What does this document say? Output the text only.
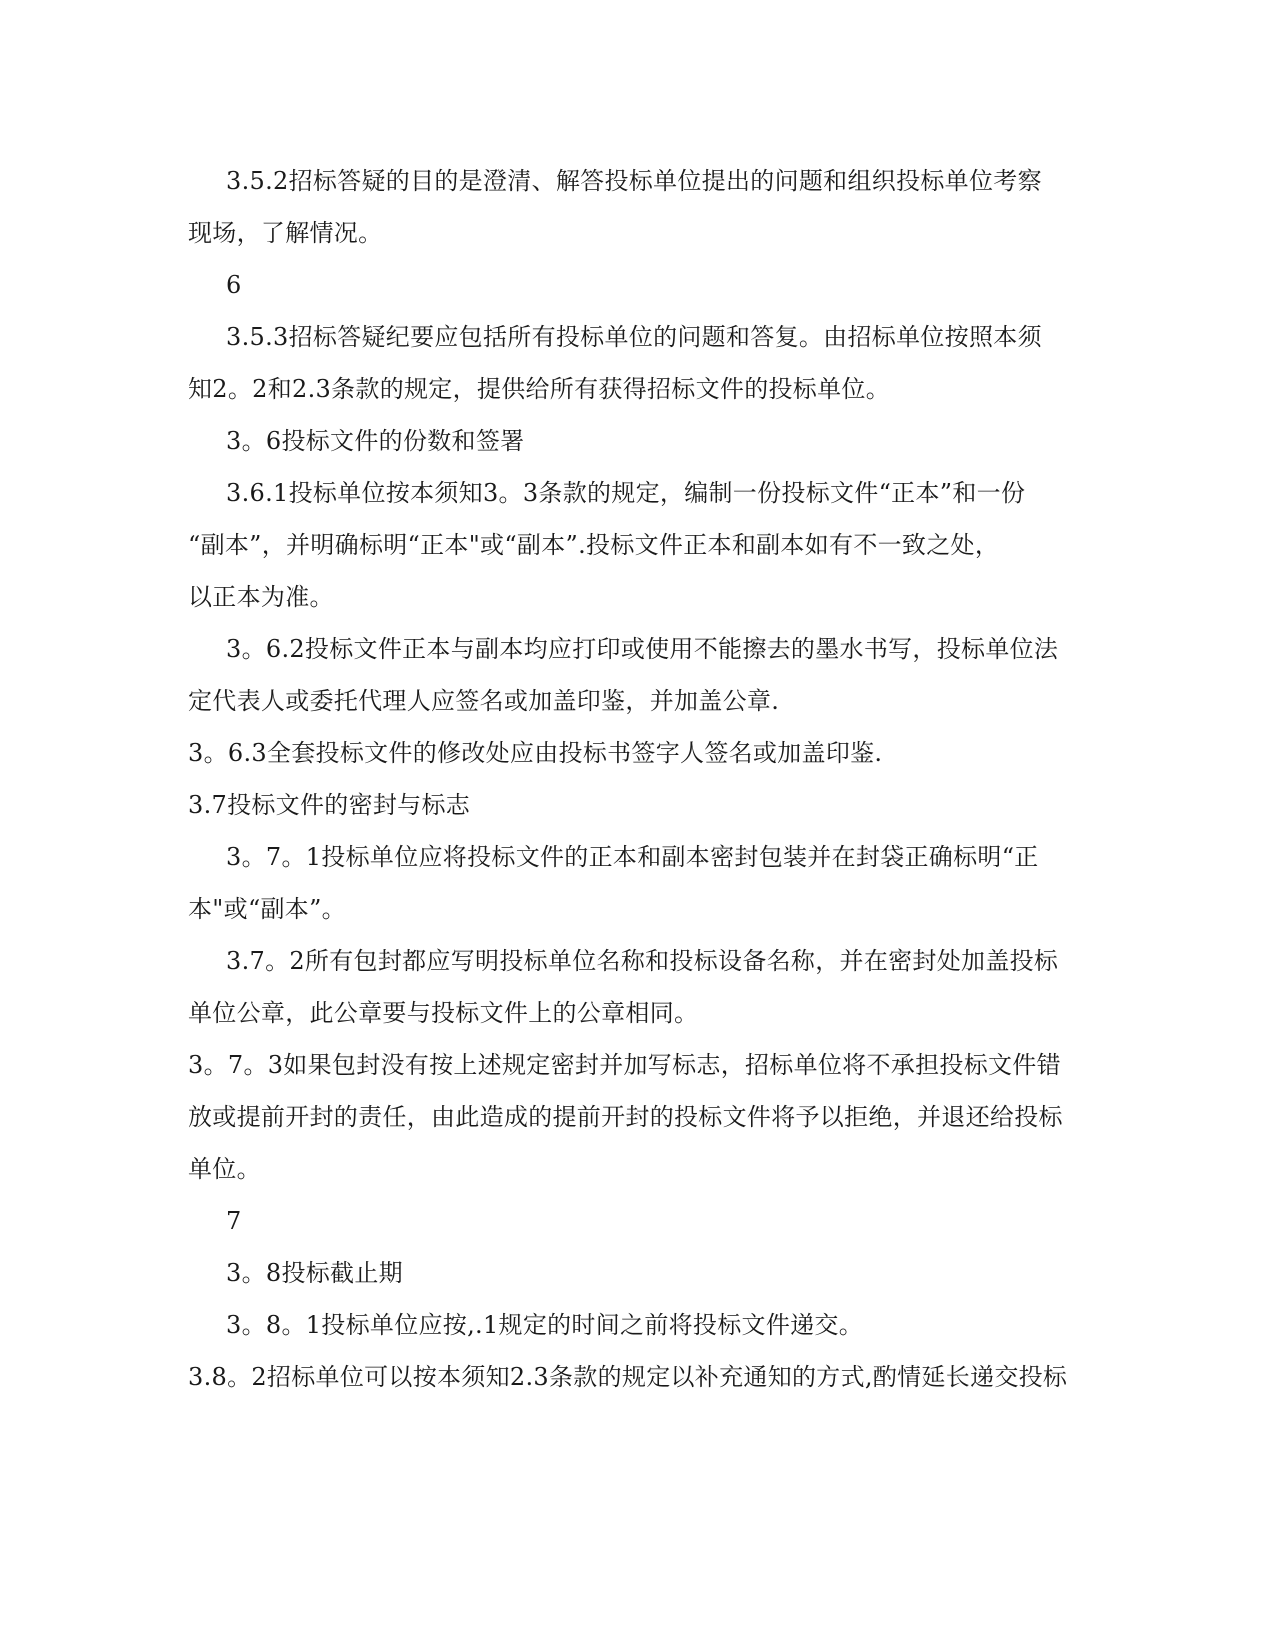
3.5.2招标答疑的目的是澄清、解答投标单位提出的问题和组织投标单位考察
现场，了解情况。
6
3.5.3招标答疑纪要应包括所有投标单位的问题和答复。由招标单位按照本须
知2。2和2.3条款的规定，提供给所有获得招标文件的投标单位。
3。6投标文件的份数和签署
3.6.1投标单位按本须知3。3条款的规定，编制一份投标文件“正本”和一份
“副本”，并明确标明“正本"或“副本”.投标文件正本和副本如有不一致之处，
以正本为准。
3。6.2投标文件正本与副本均应打印或使用不能擦去的墨水书写，投标单位法
定代表人或委托代理人应签名或加盖印鉴，并加盖公章.
3。6.3全套投标文件的修改处应由投标书签字人签名或加盖印鉴.
3.7投标文件的密封与标志
3。7。1投标单位应将投标文件的正本和副本密封包装并在封袋正确标明“正
本"或“副本”。
3.7。2所有包封都应写明投标单位名称和投标设备名称，并在密封处加盖投标
单位公章，此公章要与投标文件上的公章相同。
3。7。3如果包封没有按上述规定密封并加写标志，招标单位将不承担投标文件错
放或提前开封的责任，由此造成的提前开封的投标文件将予以拒绝，并退还给投标
单位。
7
3。8投标截止期
3。8。1投标单位应按,.1规定的时间之前将投标文件递交。
3.8。2招标单位可以按本须知2.3条款的规定以补充通知的方式,酌情延长递交投标
